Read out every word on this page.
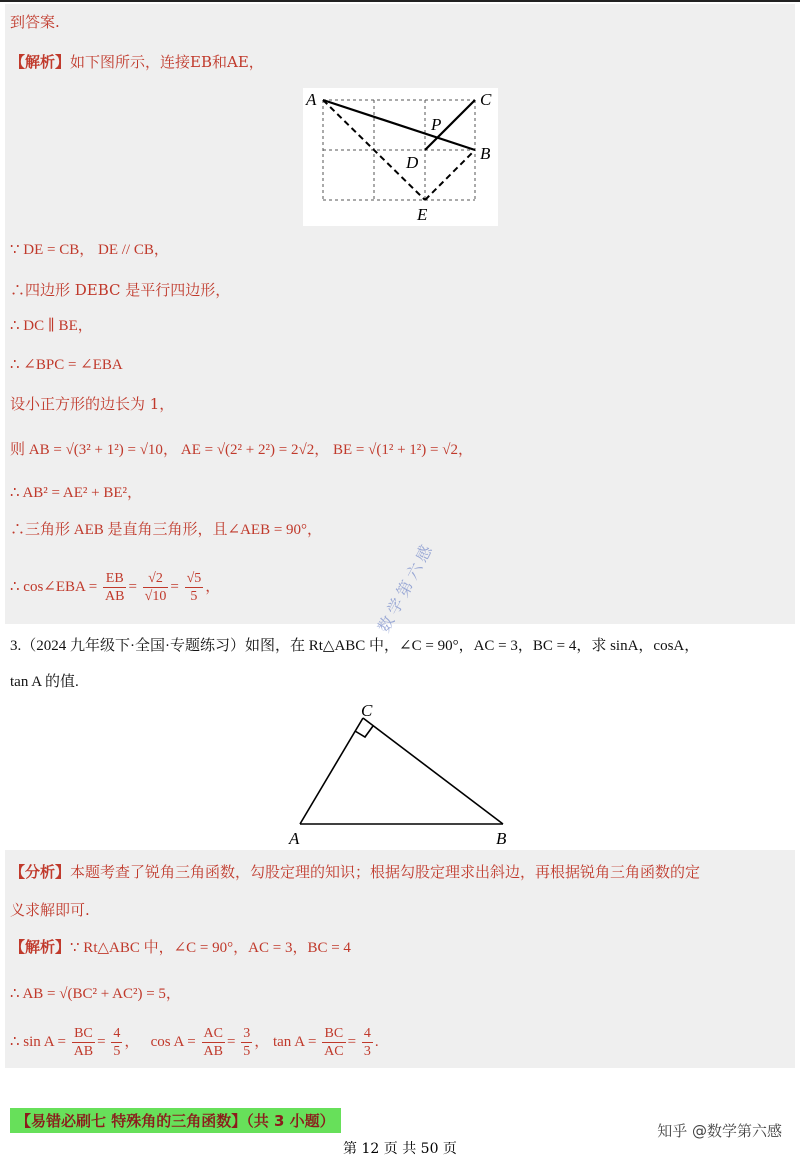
到答案.
【解析】如下图所示，连接EB和AE，
A	C
P
B
D
E
∵ DE = CB， DE // CB，
∴四边形 DEBC 是平行四边形，
∴ DC ∥ BE，
∴ ∠BPC = ∠EBA
设小正方形的边长为 1，
则 AB = √(3² + 1²) = √10， AE = √(2² + 2²) = 2√2， BE = √(1² + 1²) = √2，
∴ AB² = AE² + BE²，
∴三角形 AEB 是直角三角形，且∠AEB = 90°，
∴ cos∠EBA = $\frac{EB}{AB} = \frac{√2}{√10} = \frac{√5}{5}$ ，	数学第六感
3.（2024 九年级下·全国·专题练习）如图，在 Rt△ABC 中，∠C = 90°，AC = 3，BC = 4，求 sinA，cosA，
tan A 的值.
C
A	B
【分析】本题考查了锐角三角函数，勾股定理的知识；根据勾股定理求出斜边，再根据锐角三角函数的定
义求解即可.
【解析】∵ Rt△ABC 中，∠C = 90°，AC = 3，BC = 4
∴ AB = √(BC² + AC²) = 5，
∴ $\sin A = \frac{BC}{AB} = \frac{4}{5}$ ，   $\cos A = \frac{AC}{AB} = \frac{3}{5}$ ， $\tan A = \frac{BC}{AC} = \frac{4}{3}$ .
【易错必刷七 特殊角的三角函数】（共 3 小题）
第 12 页 共 50 页
知乎 @数学第六感
